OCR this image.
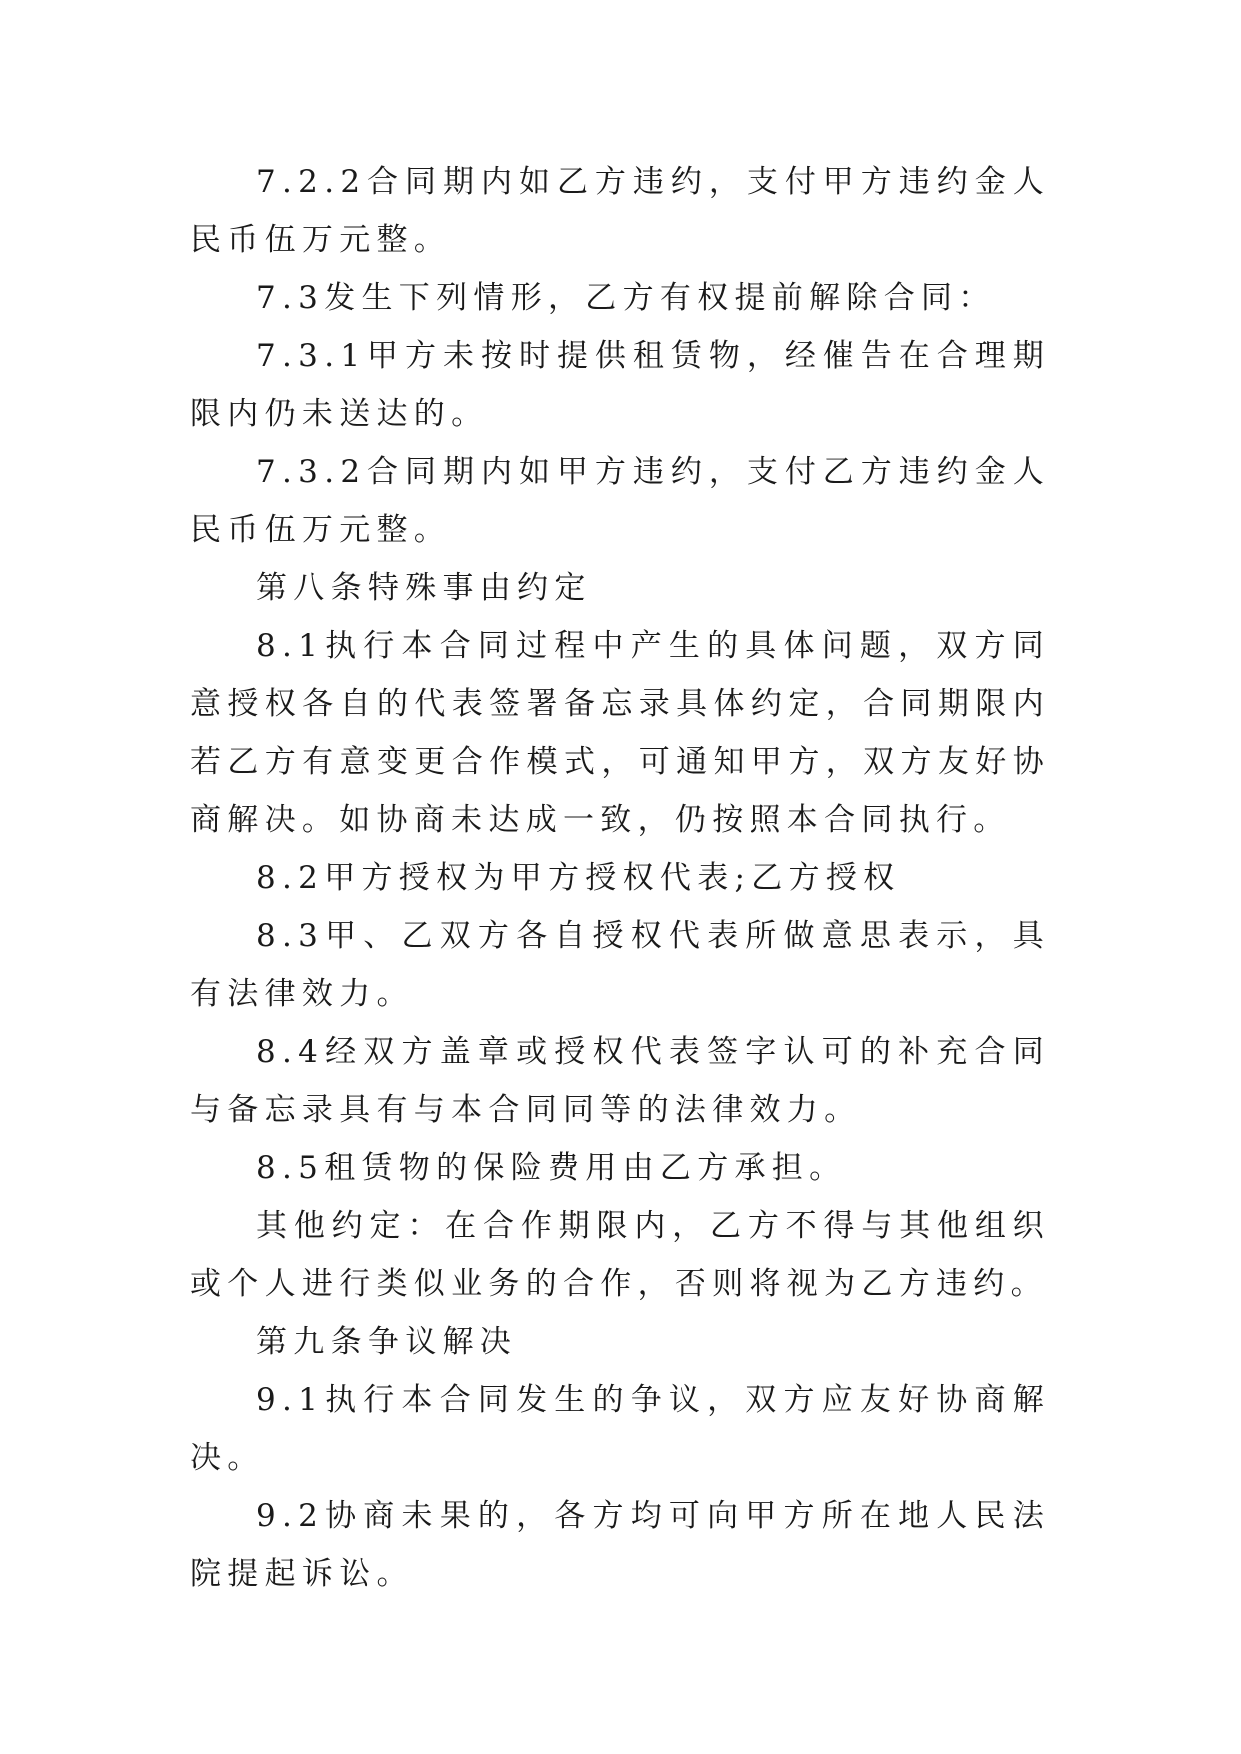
7.2.2合同期内如乙方违约，支付甲方违约金人民币伍万元整。

7.3发生下列情形，乙方有权提前解除合同：

7.3.1甲方未按时提供租赁物，经催告在合理期限内仍未送达的。

7.3.2合同期内如甲方违约，支付乙方违约金人民币伍万元整。

第八条特殊事由约定

8.1执行本合同过程中产生的具体问题，双方同意授权各自的代表签署备忘录具体约定，合同期限内若乙方有意变更合作模式，可通知甲方，双方友好协商解决。如协商未达成一致，仍按照本合同执行。

8.2甲方授权为甲方授权代表;乙方授权

8.3甲、乙双方各自授权代表所做意思表示，具有法律效力。

8.4经双方盖章或授权代表签字认可的补充合同与备忘录具有与本合同同等的法律效力。

8.5租赁物的保险费用由乙方承担。

其他约定：在合作期限内，乙方不得与其他组织或个人进行类似业务的合作，否则将视为乙方违约。

第九条争议解决

9.1执行本合同发生的争议，双方应友好协商解决。

9.2协商未果的，各方均可向甲方所在地人民法院提起诉讼。
